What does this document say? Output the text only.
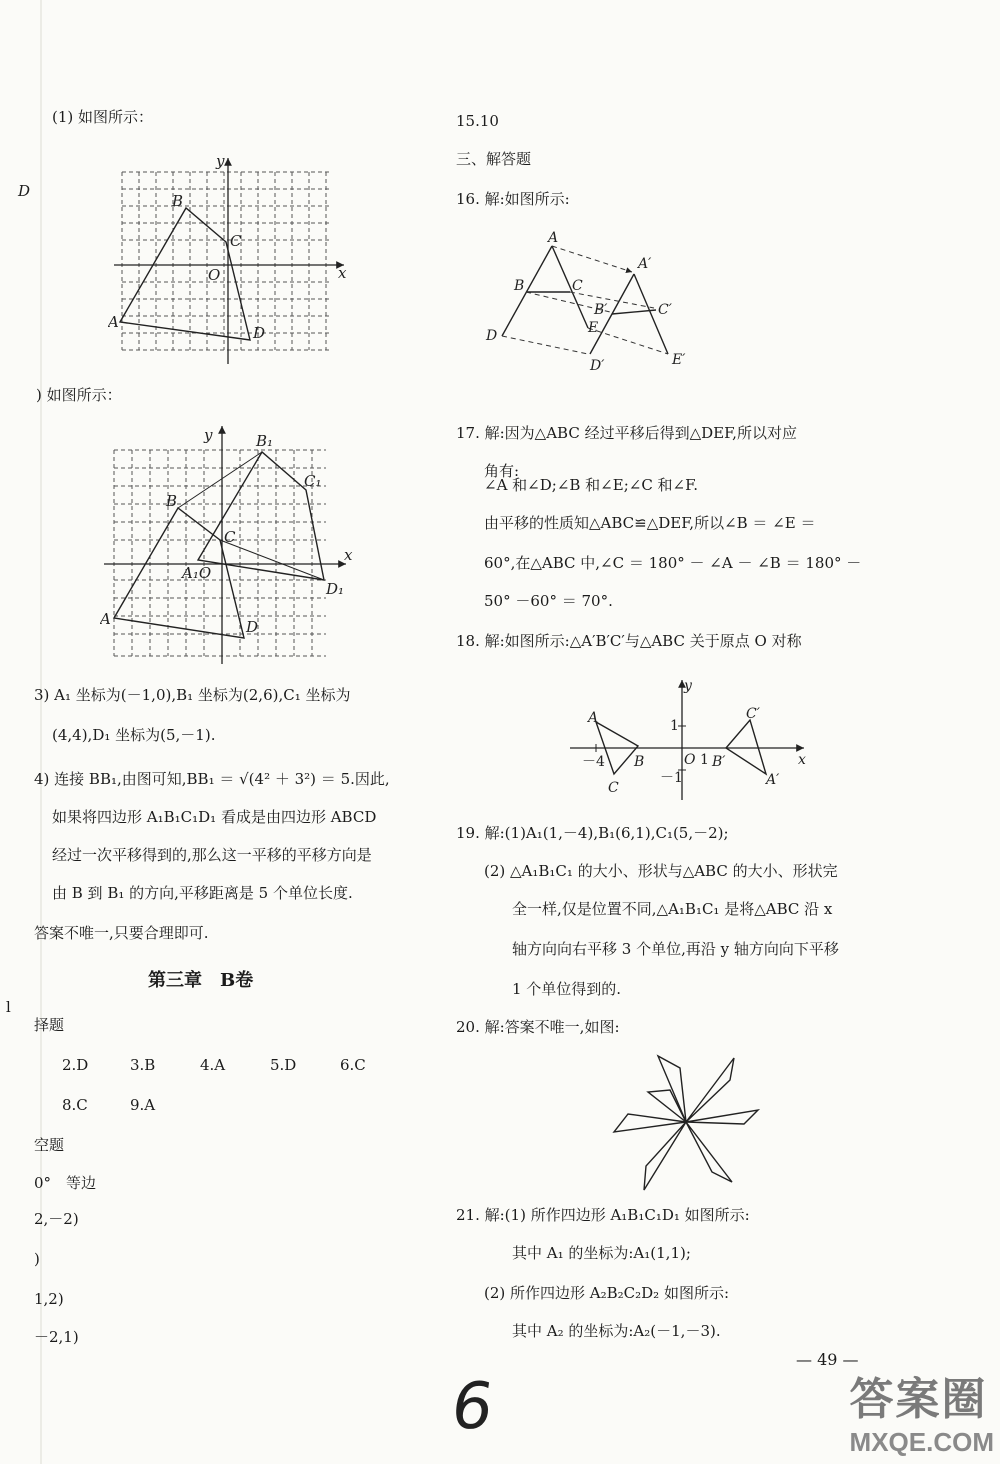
(1) 如图所示：
D
y
x
B
C
O
A
D
) 如图所示：
y
x
B₁
C₁
B
C
A₁O
D₁
A	D
3) A₁ 坐标为(－1,0),B₁ 坐标为(2,6),C₁ 坐标为
(4,4),D₁ 坐标为(5,－1).
4) 连接 BB₁,由图可知,BB₁ ＝ √(4² ＋ 3²) ＝ 5.因此,
如果将四边形 A₁B₁C₁D₁ 看成是由四边形 ABCD
经过一次平移得到的,那么这一平移的平移方向是
由 B 到 B₁ 的方向,平移距离是 5 个单位长度.
答案不唯一,只要合理即可.
第三章　B卷
l
择题
2.D	3.B	4.A	5.D	6.C
8.C	9.A
空题
0°　等边
2,－2)
)
1,2)
－2,1)
15.10
三、解答题
16. 解:如图所示:
A
A′
B	C
B′	C′
E
D
D′	E′
17. 解:因为△ABC 经过平移后得到△DEF,所以对应
角有:
∠A 和∠D;∠B 和∠E;∠C 和∠F.
由平移的性质知△ABC≌△DEF,所以∠B ＝ ∠E ＝
60°,在△ABC 中,∠C ＝ 180° － ∠A － ∠B ＝ 180° －
50° －60° ＝ 70°.
18. 解:如图所示:△A′B′C′与△ABC 关于原点 O 对称
y
x
1
－1
－4
A
B
C
O 1 B′
C′
A′
19. 解:(1)A₁(1,－4),B₁(6,1),C₁(5,－2);
(2) △A₁B₁C₁ 的大小、形状与△ABC 的大小、形状完
全一样,仅是位置不同,△A₁B₁C₁ 是将△ABC 沿 x
轴方向向右平移 3 个单位,再沿 y 轴方向向下平移
1 个单位得到的.
20. 解:答案不唯一,如图:
21. 解:(1) 所作四边形 A₁B₁C₁D₁ 如图所示:
其中 A₁ 的坐标为:A₁(1,1);
(2) 所作四边形 A₂B₂C₂D₂ 如图所示:
其中 A₂ 的坐标为:A₂(－1,－3).
— 49 —
6	答案圈
MXQE.COM
